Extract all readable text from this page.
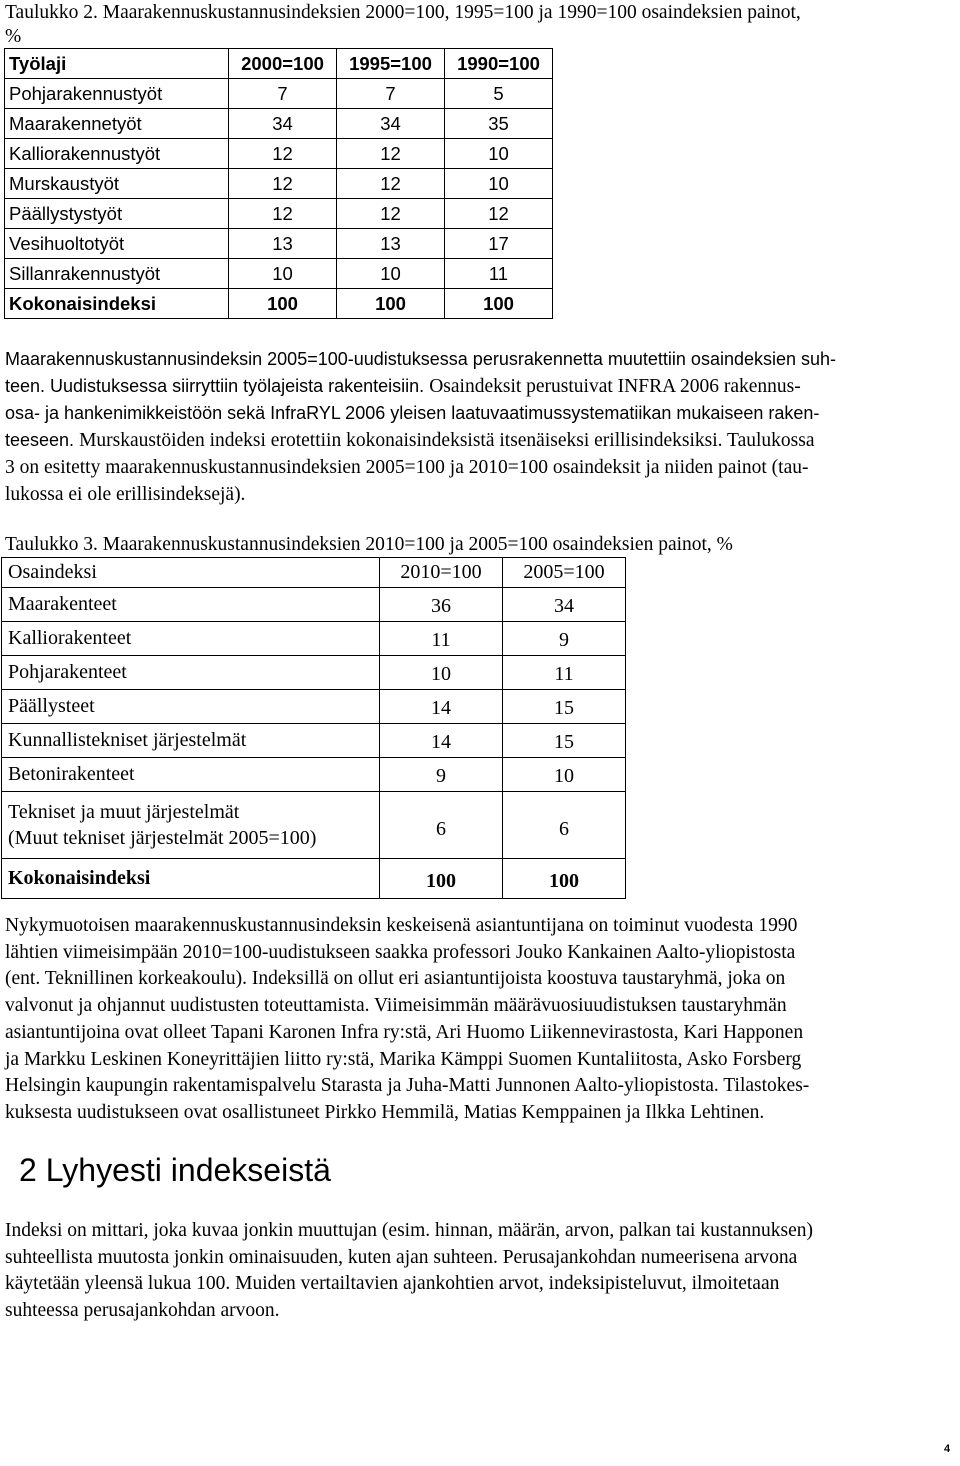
Taulukko 2. Maarakennuskustannusindeksien 2000=100, 1995=100 ja 1990=100 osaindeksien painot,

%

Työlaji	2000=100	1995=100	1990=100
Pohjarakennustyöt	7	7	5
Maarakennetyöt	34	34	35
Kalliorakennustyöt	12	12	10
Murskaustyöt	12	12	10
Päällystystyöt	12	12	12
Vesihuoltotyöt	13	13	17
Sillanrakennustyöt	10	10	11
Kokonaisindeksi	100	100	100
Maarakennuskustannusindeksin 2005=100-uudistuksessa perusrakennetta muutettiin osaindeksien suh-
teen. Uudistuksessa siirryttiin työlajeista rakenteisiin. Osaindeksit perustuivat INFRA 2006 rakennus-
osa- ja hankenimikkeistöön sekä InfraRYL 2006 yleisen laatuvaatimussystematiikan mukaiseen raken-
teeseen. Murskaustöiden indeksi erotettiin kokonaisindeksistä itsenäiseksi erillisindeksiksi. Taulukossa
3 on esitetty maarakennuskustannusindeksien 2005=100 ja 2010=100 osaindeksit ja niiden painot (tau-
lukossa ei ole erillisindeksejä).

Taulukko 3. Maarakennuskustannusindeksien 2010=100 ja 2005=100 osaindeksien painot, %

Osaindeksi	2010=100	2005=100
Maarakenteet	36	34
Kalliorakenteet	11	9
Pohjarakenteet	10	11
Päällysteet	14	15
Kunnallistekniset järjestelmät	14	15
Betonirakenteet	9	10

Tekniset ja muut järjestelmät
(Muut tekniset järjestelmät 2005=100)	6	6
Kokonaisindeksi	100	100
Nykymuotoisen maarakennuskustannusindeksin keskeisenä asiantuntijana on toiminut vuodesta 1990
lähtien viimeisimpään 2010=100-uudistukseen saakka professori Jouko Kankainen Aalto-yliopistosta
(ent. Teknillinen korkeakoulu). Indeksillä on ollut eri asiantuntijoista koostuva taustaryhmä, joka on
valvonut ja ohjannut uudistusten toteuttamista. Viimeisimmän määrävuosiuudistuksen taustaryhmän
asiantuntijoina ovat olleet Tapani Karonen Infra ry:stä, Ari Huomo Liikennevirastosta, Kari Happonen
ja Markku Leskinen Koneyrittäjien liitto ry:stä, Marika Kämppi Suomen Kuntaliitosta, Asko Forsberg
Helsingin kaupungin rakentamispalvelu Starasta ja Juha-Matti Junnonen Aalto-yliopistosta. Tilastokes-
kuksesta uudistukseen ovat osallistuneet Pirkko Hemmilä, Matias Kemppainen ja Ilkka Lehtinen.
2 Lyhyesti indekseistä
Indeksi on mittari, joka kuvaa jonkin muuttujan (esim. hinnan, määrän, arvon, palkan tai kustannuksen)
suhteellista muutosta jonkin ominaisuuden, kuten ajan suhteen. Perusajankohdan numeerisena arvona
käytetään yleensä lukua 100. Muiden vertailtavien ajankohtien arvot, indeksipisteluvut, ilmoitetaan
suhteessa perusajankohdan arvoon.
4
